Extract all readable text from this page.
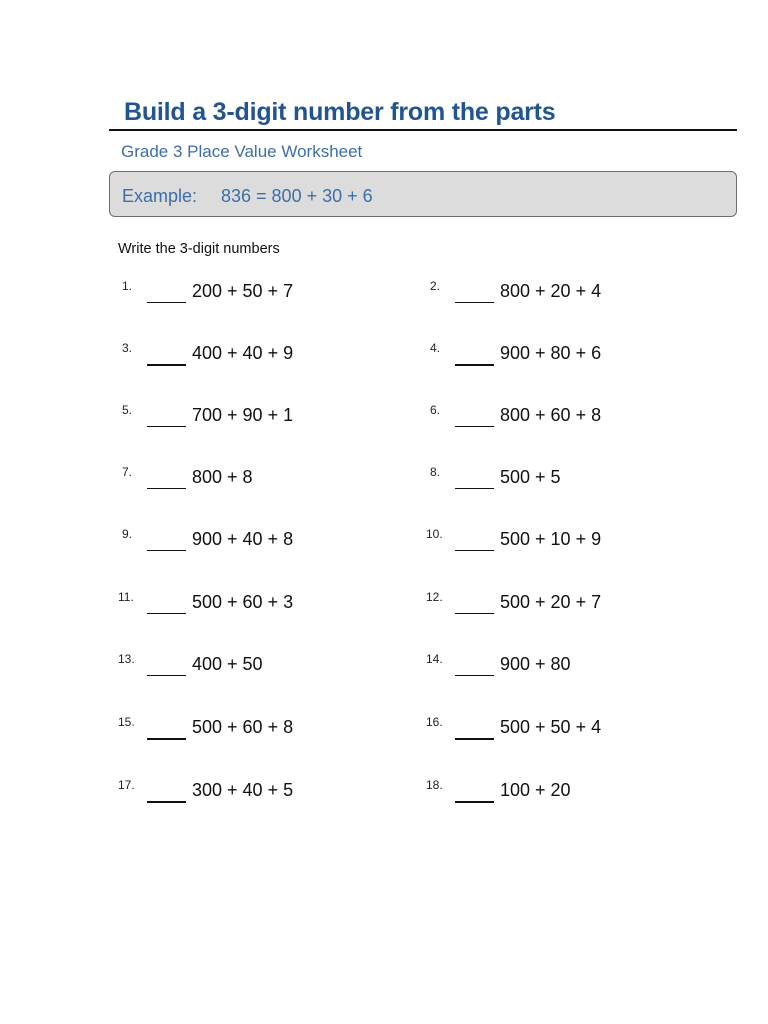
Build a 3-digit number from the parts
Grade 3 Place Value Worksheet
Example: 836 = 800 + 30 + 6
Write the 3-digit numbers
1.	200 + 50 + 7	2.	800 + 20 + 4
3.	400 + 40 + 9	4.	900 + 80 + 6
5.	700 + 90 + 1	6.	800 + 60 + 8
7.	800 + 8	8.	500 + 5
9.	900 + 40 + 8	10.	500 + 10 + 9
11.	500 + 60 + 3	12.	500 + 20 + 7
13.	400 + 50	14.	900 + 80
15.	500 + 60 + 8	16.	500 + 50 + 4
17.	300 + 40 + 5	18.	100 + 20
